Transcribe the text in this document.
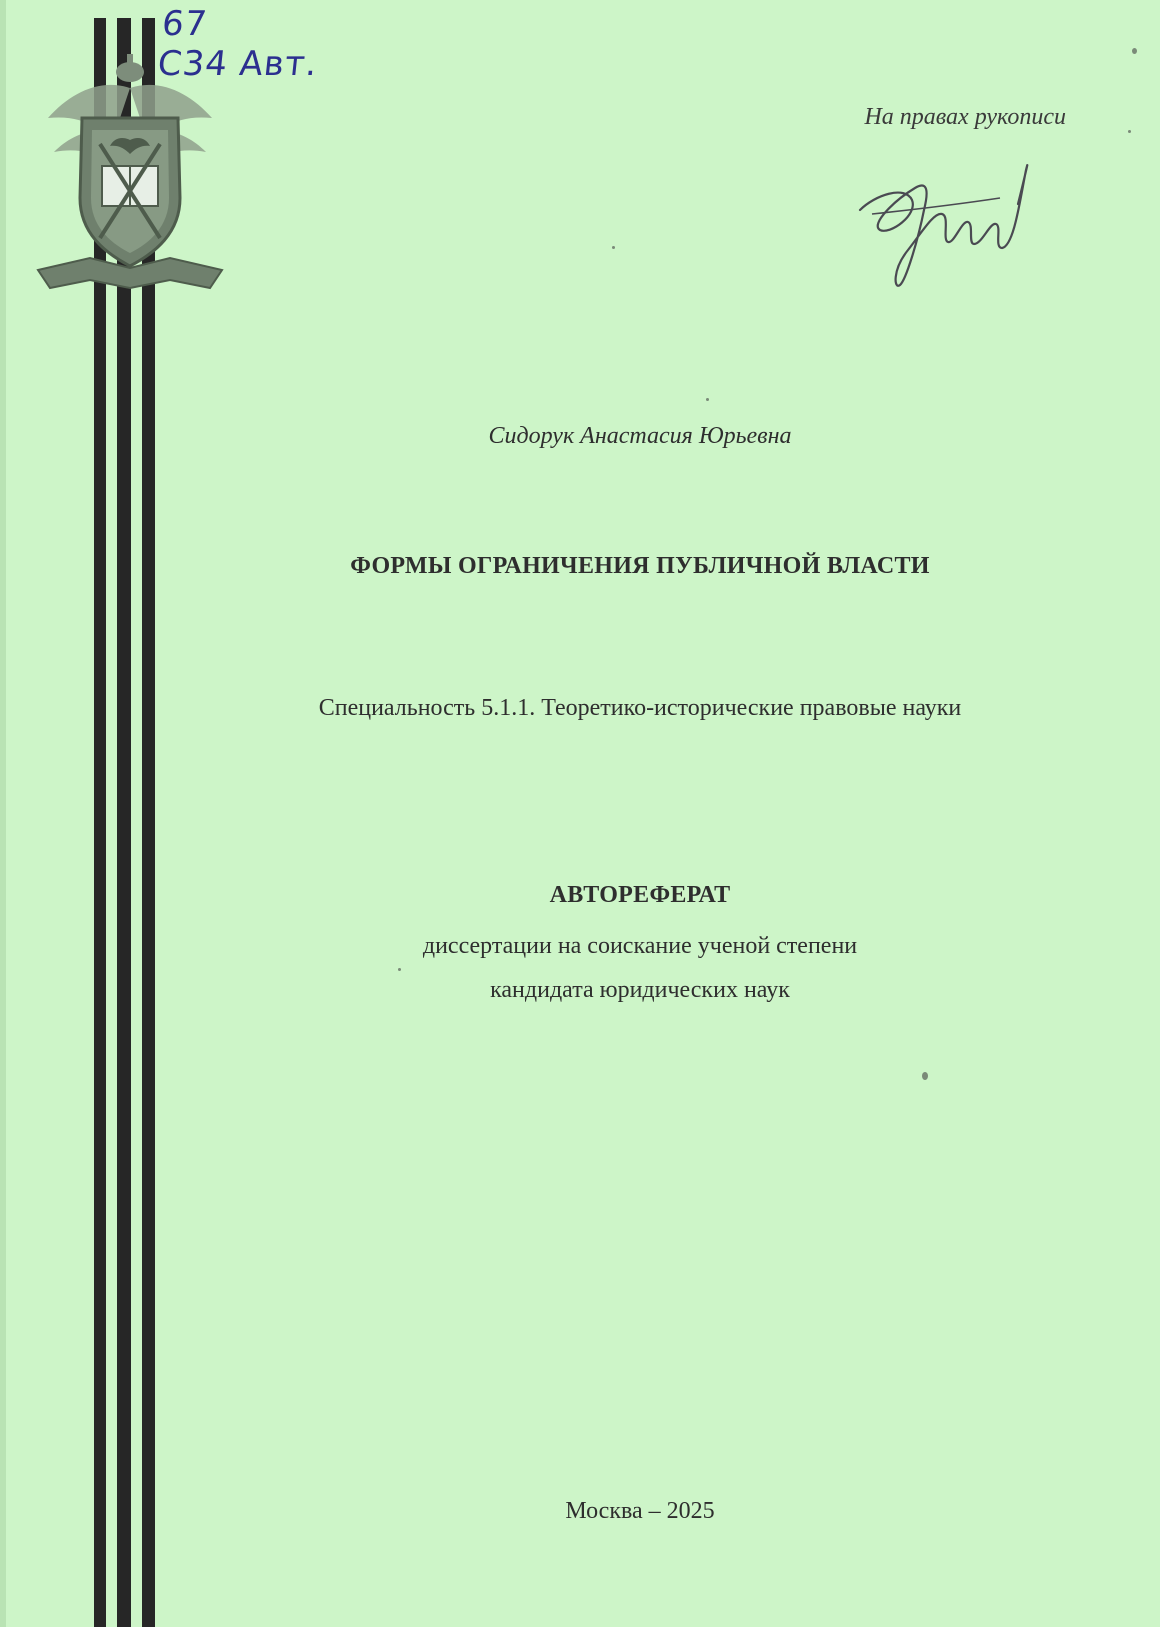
67
С34 Авт.
На правах рукописи
Сидорук Анастасия Юрьевна
ФОРМЫ ОГРАНИЧЕНИЯ ПУБЛИЧНОЙ ВЛАСТИ
Специальность 5.1.1. Теоретико-исторические правовые науки
АВТОРЕФЕРАТ
диссертации на соискание ученой степени
кандидата юридических наук
Москва – 2025
